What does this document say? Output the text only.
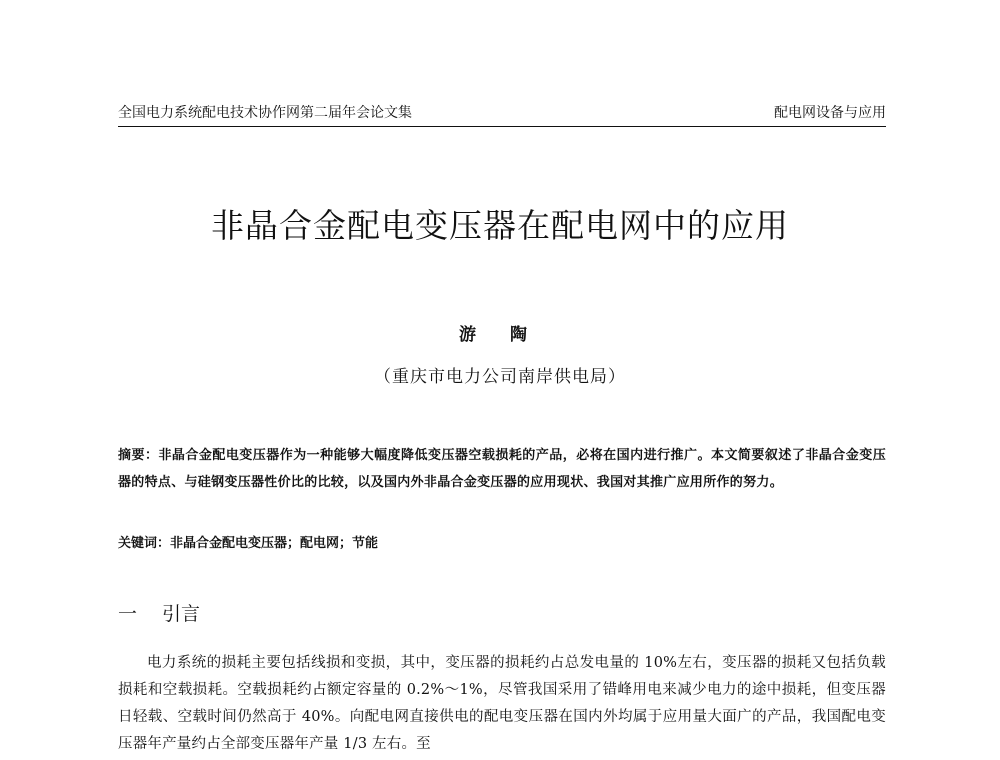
全国电力系统配电技术协作网第二届年会论文集	配电网设备与应用
非晶合金配电变压器在配电网中的应用
游 陶
（重庆市电力公司南岸供电局）
摘要：非晶合金配电变压器作为一种能够大幅度降低变压器空载损耗的产品，必将在国内进行推广。本文简要叙述了非晶合金变压器的特点、与硅钢变压器性价比的比较，以及国内外非晶合金变压器的应用现状、我国对其推广应用所作的努力。
关键词：非晶合金配电变压器；配电网；节能
一 引言
电力系统的损耗主要包括线损和变损，其中，变压器的损耗约占总发电量的 10%左右，变压器的损耗又包括负载损耗和空载损耗。空载损耗约占额定容量的 0.2%～1%，尽管我国采用了错峰用电来减少电力的途中损耗，但变压器日轻载、空载时间仍然高于 40%。向配电网直接供电的配电变压器在国内外均属于应用量大面广的产品，我国配电变压器年产量约占全部变压器年产量 1/3 左右。至
